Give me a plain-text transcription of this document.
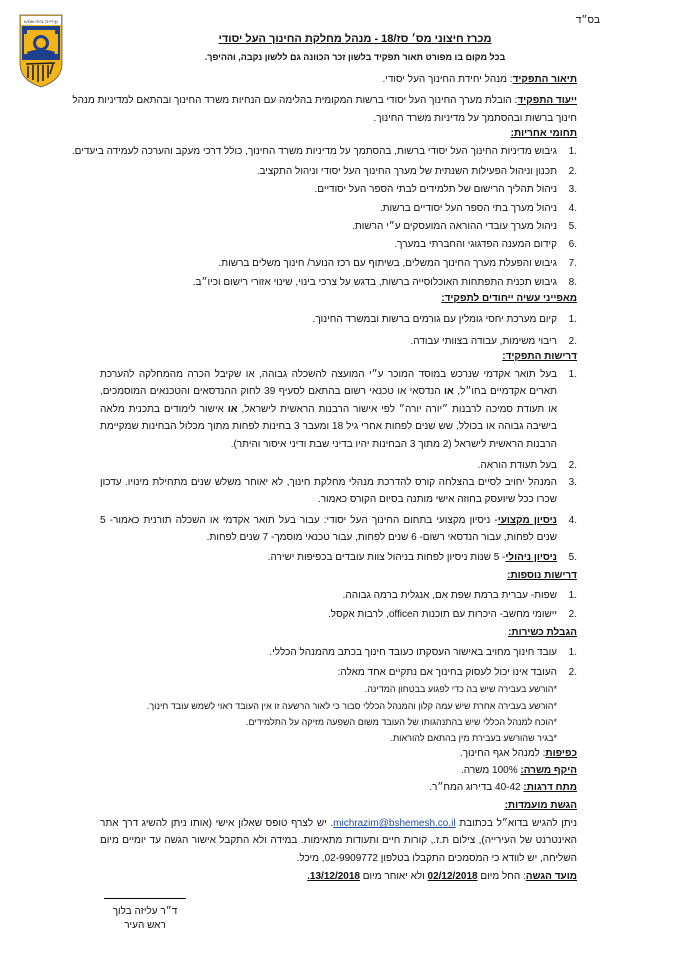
עיריית בית-שמש	בס״ד
מכרז חיצוני מס׳ סז/18 - מנהל מחלקת החינוך העל יסודי
בכל מקום בו מפורט תאור תפקיד בלשון זכר הכוונה גם ללשון נקבה, וההיפך.
תיאור התפקיד: מנהל יחידת החינוך העל יסודי.
ייעוד התפקיד: הובלת מערך החינוך העל יסודי ברשות המקומית בהלימה עם הנחיות משרד החינוך ובהתאם למדיניות מנהל
חינוך ברשות ובהסתמך על מדיניות משרד החינוך.
תחומי אחריות:
1.
גיבוש מדיניות החינוך העל יסודי ברשות, בהסתמך על מדיניות משרד החינוך, כולל דרכי מעקב והערכה לעמידה ביעדים.
2.
תכנון וניהול הפעילות השנתית של מערך החינוך העל יסודי וניהול התקציב.
3.
ניהול תהליך הרישום של תלמידים לבתי הספר העל יסודיים.
4.
ניהול מערך בתי הספר העל יסודיים ברשות.
5.
ניהול מערך עובדי ההוראה המועסקים ע״י הרשות.
6.
קידום המענה הפדגוגי והחברתי במערך.
7.
גיבוש והפעלת מערך החינוך המשלים, בשיתוף עם רכז הנוער/ חינוך משלים ברשות.
8.
גיבוש תכנית התפתחות האוכלוסייה ברשות, בדגש על צרכי בינוי, שינוי אזורי רישום וכיו״ב.
מאפייני עשיה ייחודים לתפקיד:
1.
קיום מערכת יחסי גומלין עם גורמים ברשות ובמשרד החינוך.
2.
ריבוי משימות, עבודה בצוותי עבודה.
דרישות התפקיד:
1.
בעל תואר אקדמי שנרכש במוסד המוכר ע״י המועצה להשכלה גבוהה, או שקיבל הכרה מהמחלקה להערכת תארים אקדמיים בחו״ל, או הנדסאי או טכנאי רשום בהתאם לסעיף 39 לחוק ההנדסאים והטכנאים המוסמכים, או תעודת סמיכה לרבנות ״יורה יורה״ לפי אישור הרבנות הראשית לישראל, או אישור לימודים בתכנית מלאה בישיבה גבוהה או בכולל, שש שנים לפחות אחרי גיל 18 ומעבר 3 בחינות לפחות מתוך מכלול הבחינות שמקיימת הרבנות הראשית לישראל (2 מתוך 3 הבחינות יהיו בדיני שבת ודיני איסור והיתר).
2.
בעל תעודת הוראה.
3.
המנהל יחויב לסיים בהצלחה קורס להדרכת מנהלי מחלקת חינוך, לא יאוחר משלש שנים מתחילת מינויו. עדכון שכרו ככל שיועסק בחוזה אישי מותנה בסיום הקורס כאמור.
4.
ניסיון מקצועי- ניסיון מקצועי בתחום החינוך העל יסודי: עבור בעל תואר אקדמי או השכלה תורנית כאמור- 5 שנים לפחות, עבור הנדסאי רשום- 6 שנים לפחות, עבור טכנאי מוסמך- 7 שנים לפחות.
5.
ניסיון ניהולי- 5 שנות ניסיון לפחות בניהול צוות עובדים בכפיפות ישירה.
דרישות נוספות:
1.
שפות- עברית ברמת שפת אם, אנגלית ברמה גבוהה.
2.
יישומי מחשב- היכרות עם תוכנות הoffice, לרבות אקסל.
הגבלת כשירות:
1.
עובד חינוך מחויב באישור העסקתו כעובד חינוך בכתב מהמנהל הכללי.
2.
העובד אינו יכול לעסוק בחינוך אם נתקיים אחד מאלה:
*הורשע בעבירה שיש בה כדי לפגוע בבטחון המדינה.
*הורשע בעבירה אחרת שיש עמה קלון והמנהל הכללי סבור כי לאור הרשעה זו אין העובד ראוי לשמש עובד חינוך.
*הוכח למנהל הכללי שיש בהתנהגותו של העובד משום השפעה מזיקה על התלמידים.
*בגיר שהורשע בעבירת מין בהתאם להוראות.
כפיפות: למנהל אגף החינוך.
היקף משרה: 100% משרה.
מתח דרגות: 40-42 בדירוג המח״ר.
הגשת מועמדות:
ניתן להגיש בדוא״ל בכתובת michrazim@bshemesh.co.il. יש לצרף טופס שאלון אישי (אותו ניתן להשיג דרך אתר האינטרנט של העירייה), צילום ת.ז., קורות חיים ותעודות מתאימות. במידה ולא התקבל אישור הגשה עד יומיים מיום השליחה, יש לוודא כי המסמכים התקבלו בטלפון 02-9909772, מיכל.
מועד הגשה: החל מיום 02/12/2018 ולא יאוחר מיום 13/12/2018.
ד״ר עליזה בלוך
ראש העיר
